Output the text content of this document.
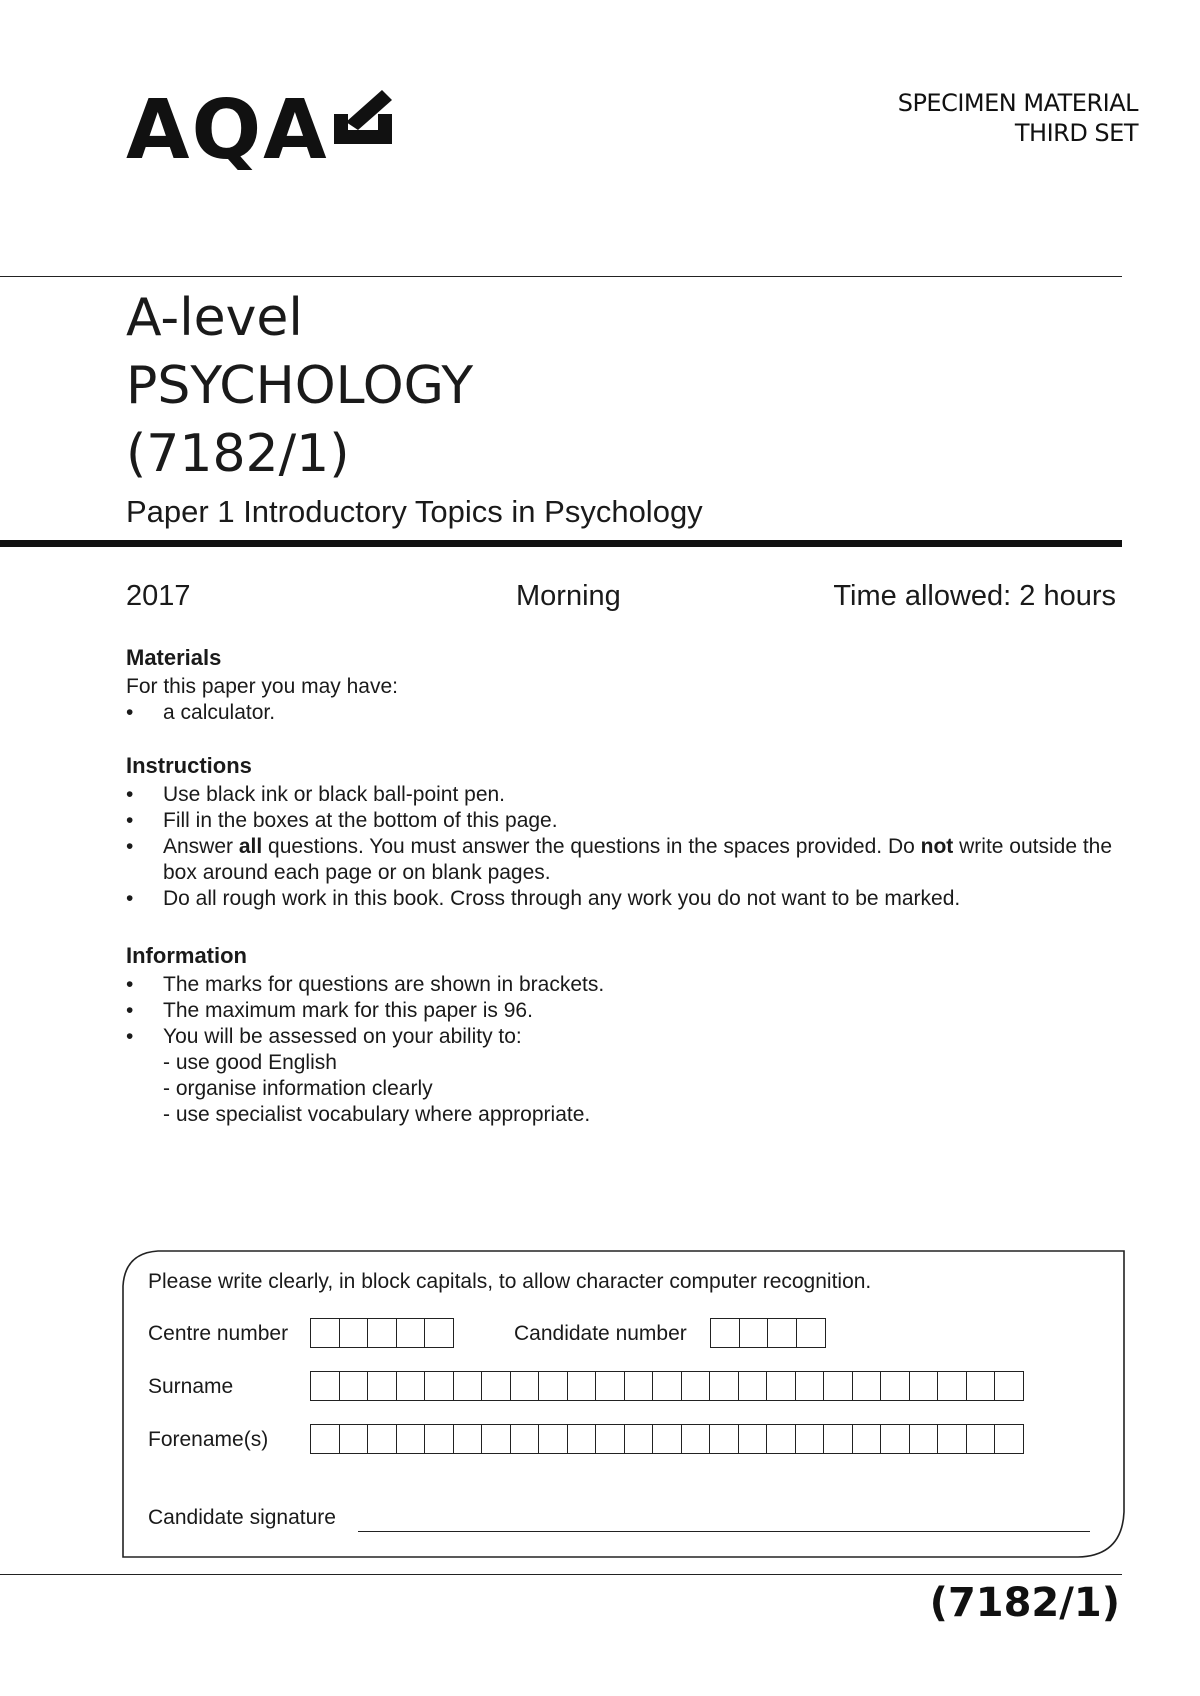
AQA	SPECIMEN MATERIAL
THIRD SET
A-level
PSYCHOLOGY
(7182/1)
Paper 1 Introductory Topics in Psychology
2017	Morning	Time allowed: 2 hours
Materials

For this paper you may have:

• a calculator.
Instructions
• Use black ink or black ball-point pen.
• Fill in the boxes at the bottom of this page.
• Answer all questions. You must answer the questions in the spaces provided. Do not write outside the box around each page or on blank pages.
• Do all rough work in this book. Cross through any work you do not want to be marked.
Information
• The marks for questions are shown in brackets.
• The maximum mark for this paper is 96.
• You will be assessed on your ability to:
- use good English
- organise information clearly
- use specialist vocabulary where appropriate.
Please write clearly, in block capitals, to allow character computer recognition.
Centre number	Candidate number
Surname
Forename(s)
Candidate signature
(7182/1)
